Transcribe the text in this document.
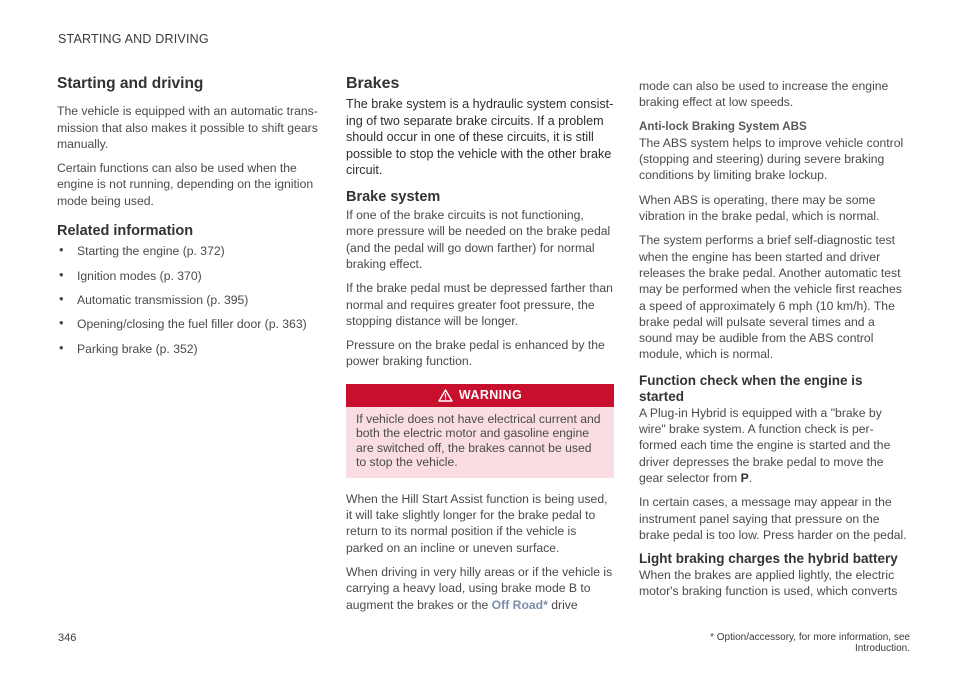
STARTING AND DRIVING
Starting and driving

The vehicle is equipped with an automatic trans-mission that also makes it possible to shift gears manually.

Certain functions can also be used when the engine is not running, depending on the ignition mode being used.

Related information
• Starting the engine (p. 372)
• Ignition modes (p. 370)
• Automatic transmission (p. 395)
• Opening/closing the fuel filler door (p. 363)
• Parking brake (p. 352)
Brakes

The brake system is a hydraulic system consist-ing of two separate brake circuits. If a problem should occur in one of these circuits, it is still possible to stop the vehicle with the other brake circuit.

Brake system

If one of the brake circuits is not functioning, more pressure will be needed on the brake pedal (and the pedal will go down farther) for normal braking effect.

If the brake pedal must be depressed farther than normal and requires greater foot pressure, the stopping distance will be longer.

Pressure on the brake pedal is enhanced by the power braking function.

WARNING
If vehicle does not have electrical current and both the electric motor and gasoline engine are switched off, the brakes cannot be used to stop the vehicle.

When the Hill Start Assist function is being used, it will take slightly longer for the brake pedal to return to its normal position if the vehicle is parked on an incline or uneven surface.

When driving in very hilly areas or if the vehicle is carrying a heavy load, using brake mode B to augment the brakes or the Off Road* drive

mode can also be used to increase the engine braking effect at low speeds.

Anti-lock Braking System ABS

The ABS system helps to improve vehicle control (stopping and steering) during severe braking conditions by limiting brake lockup.

When ABS is operating, there may be some vibration in the brake pedal, which is normal.

The system performs a brief self-diagnostic test when the engine has been started and driver releases the brake pedal. Another automatic test may be performed when the vehicle first reaches a speed of approximately 6 mph (10 km/h). The brake pedal will pulsate several times and a sound may be audible from the ABS control module, which is normal.

Function check when the engine is started

A Plug-in Hybrid is equipped with a "brake by wire" brake system. A function check is per-formed each time the engine is started and the driver depresses the brake pedal to move the gear selector from P.

In certain cases, a message may appear in the instrument panel saying that pressure on the brake pedal is too low. Press harder on the pedal.

Light braking charges the hybrid battery

When the brakes are applied lightly, the electric motor's braking function is used, which converts

346	* Option/accessory, for more information, see Introduction.
